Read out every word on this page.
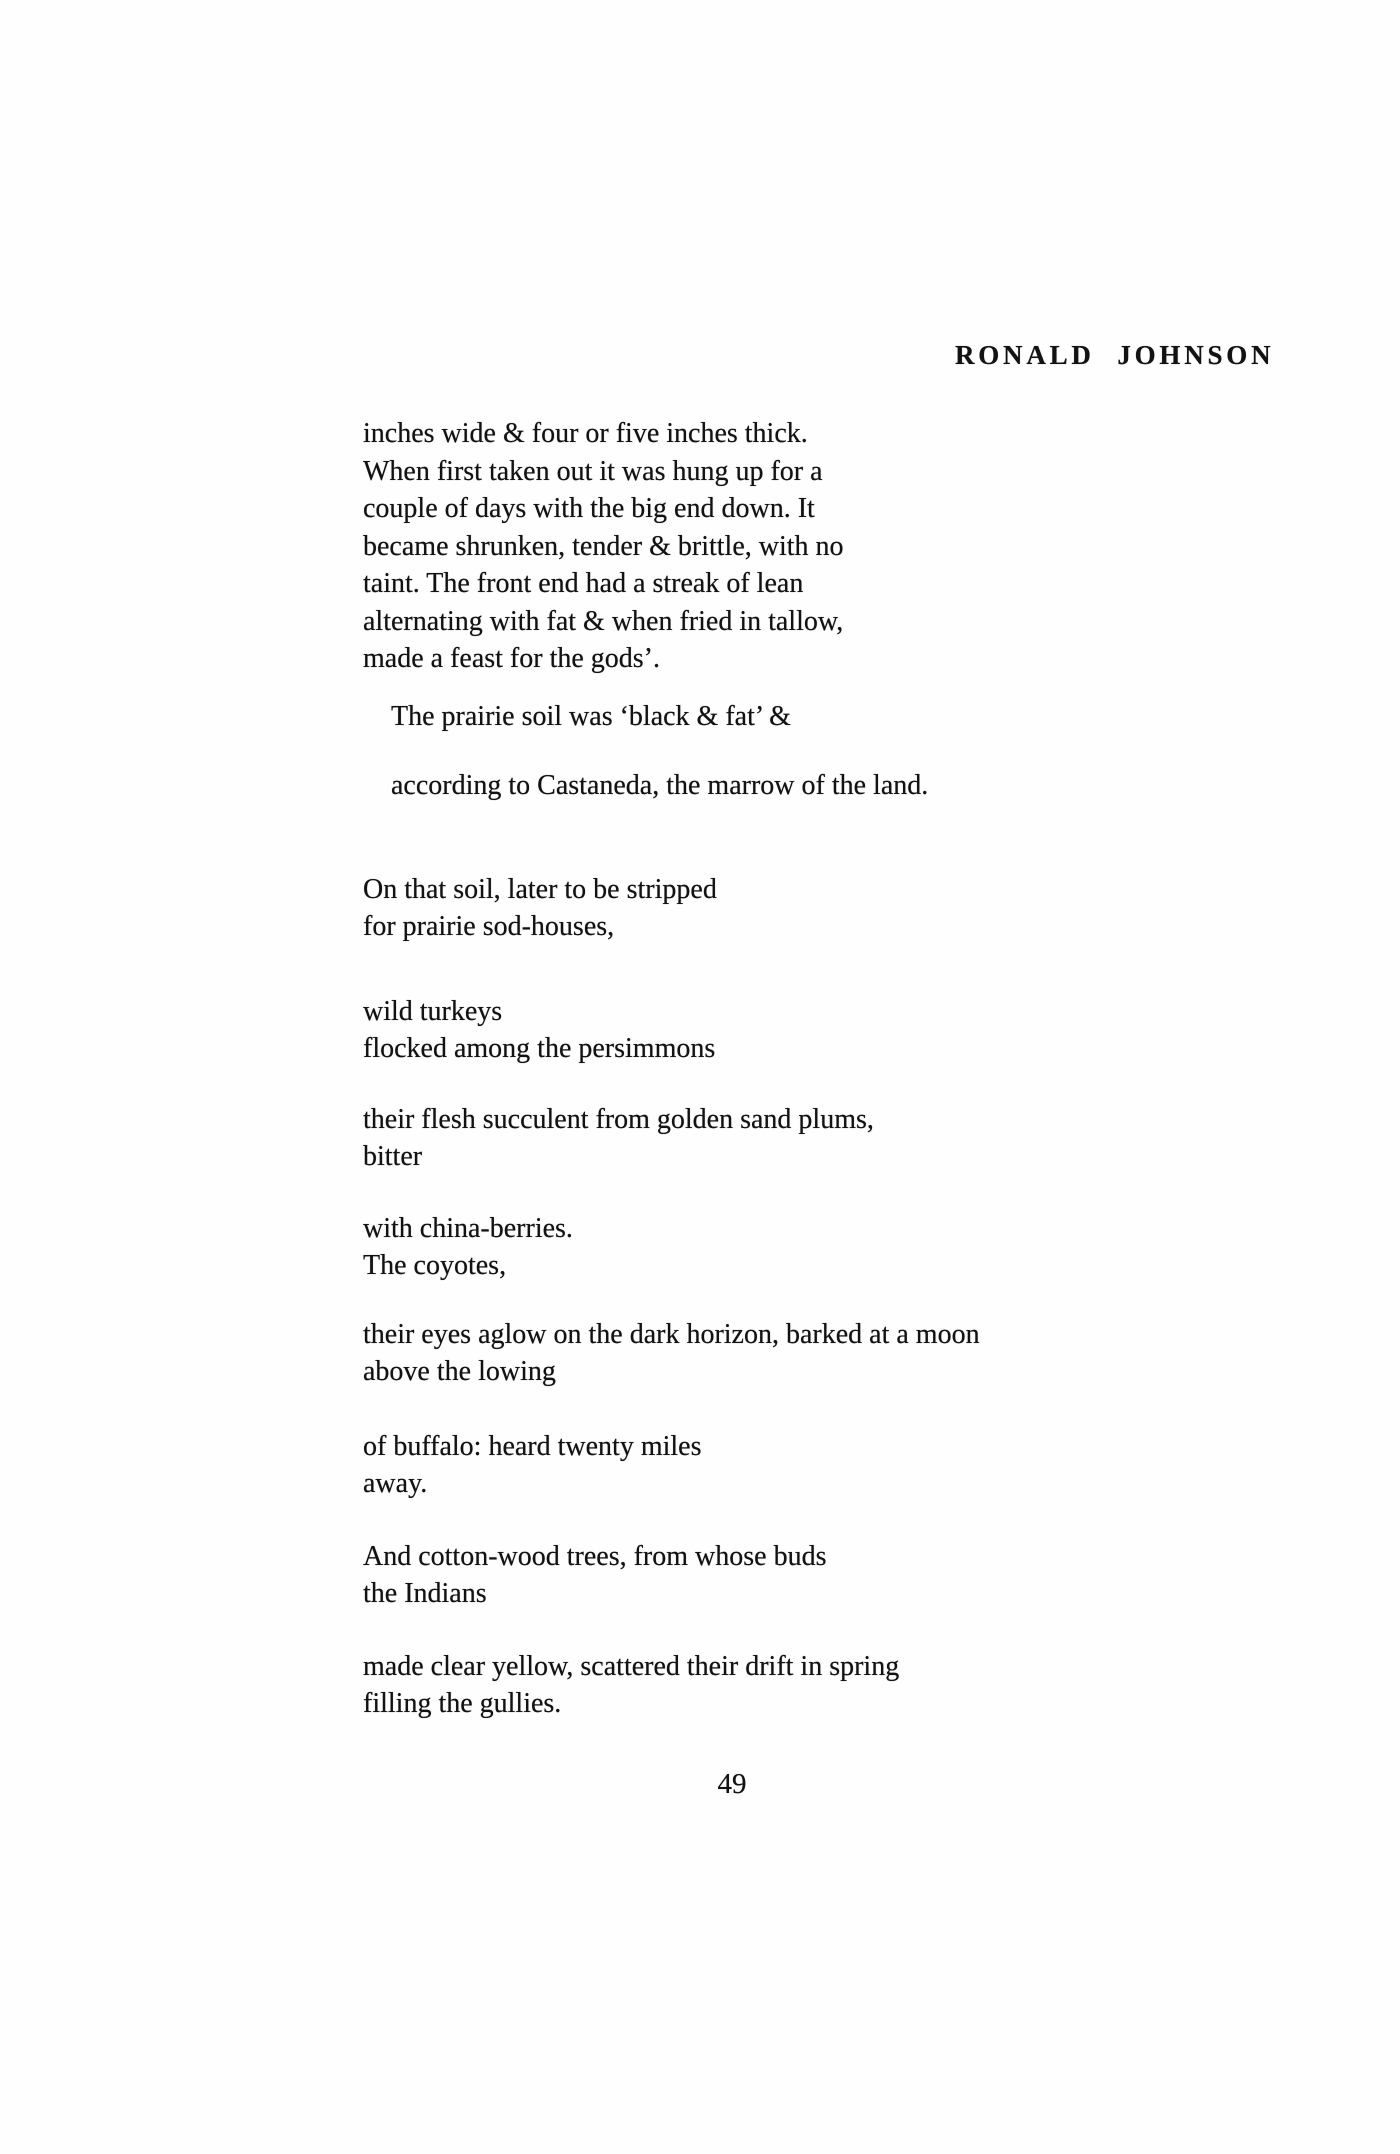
RONALD JOHNSON
inches wide & four or five inches thick.
When first taken out it was hung up for a
couple of days with the big end down. It
became shrunken, tender & brittle, with no
taint. The front end had a streak of lean
alternating with fat & when fried in tallow,
made a feast for the gods’.
The prairie soil was ‘black & fat’ &
according to Castaneda, the marrow of the land.
On that soil, later to be stripped
for prairie sod-houses,
wild turkeys
flocked among the persimmons
their flesh succulent from golden sand plums,
bitter
with china-berries.
The coyotes,
their eyes aglow on the dark horizon, barked at a moon
above the lowing
of buffalo: heard twenty miles
away.
And cotton-wood trees, from whose buds
the Indians
made clear yellow, scattered their drift in spring
filling the gullies.
49
